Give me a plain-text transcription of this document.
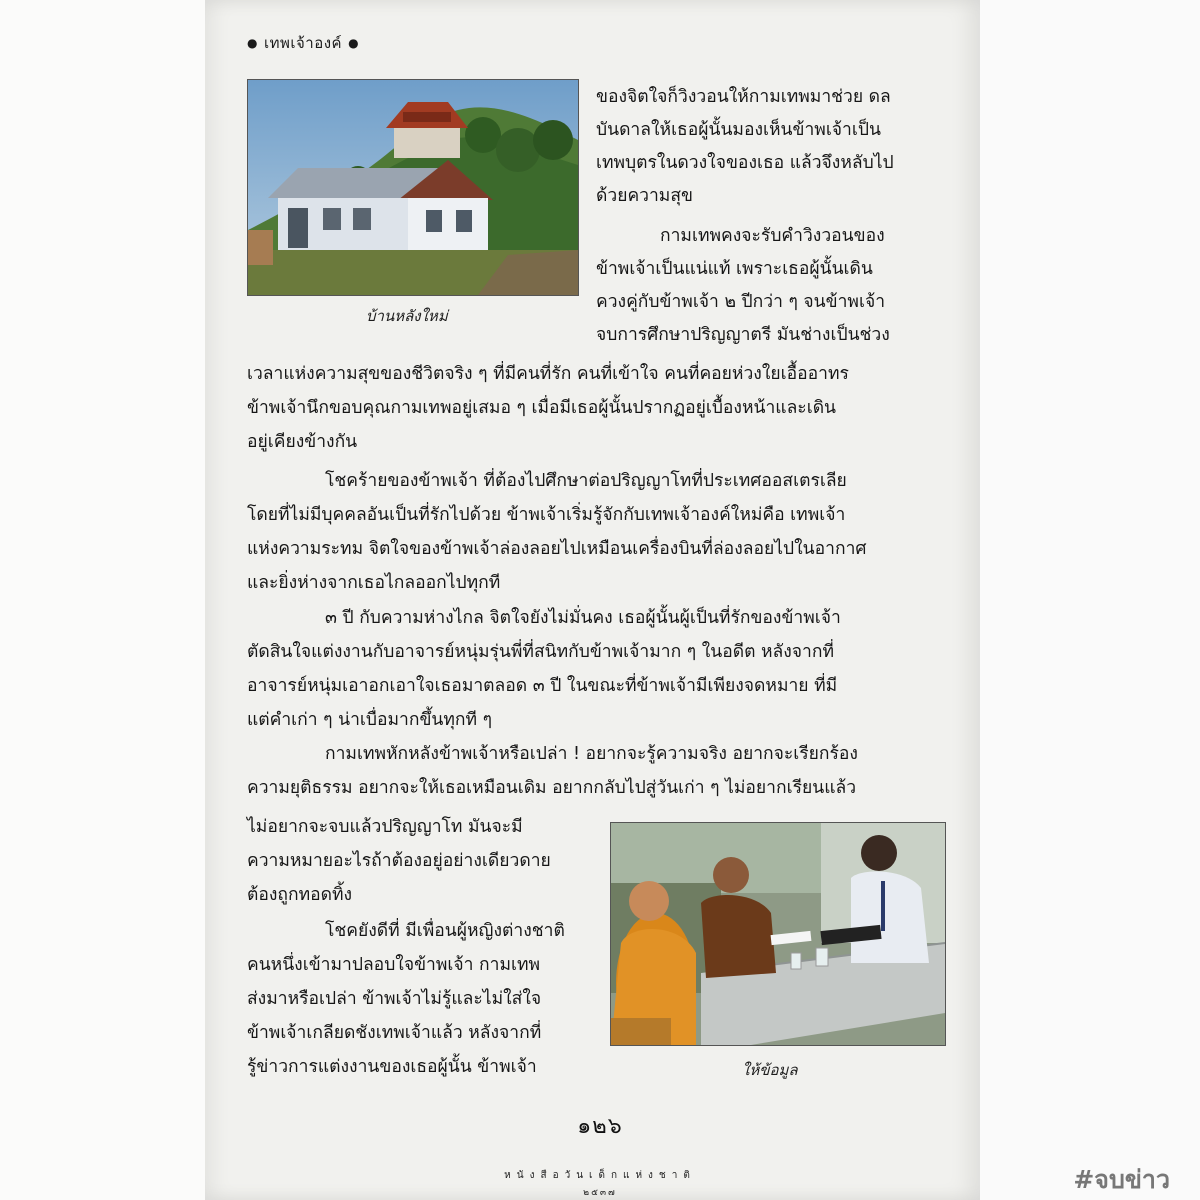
● เทพเจ้าองค์ ●
บ้านหลังใหม่
ของจิตใจก็วิงวอนให้กามเทพมาช่วย ดล
บันดาลให้เธอผู้นั้นมองเห็นข้าพเจ้าเป็น
เทพบุตรในดวงใจของเธอ แล้วจึงหลับไป
ด้วยความสุข
กามเทพคงจะรับคำวิงวอนของ
ข้าพเจ้าเป็นแน่แท้ เพราะเธอผู้นั้นเดิน
ควงคู่กับข้าพเจ้า ๒ ปีกว่า ๆ จนข้าพเจ้า
จบการศึกษาปริญญาตรี มันช่างเป็นช่วง
เวลาแห่งความสุขของชีวิตจริง ๆ ที่มีคนที่รัก คนที่เข้าใจ คนที่คอยห่วงใยเอื้ออาทร
ข้าพเจ้านึกขอบคุณกามเทพอยู่เสมอ ๆ เมื่อมีเธอผู้นั้นปรากฏอยู่เบื้องหน้าและเดิน
อยู่เคียงข้างกัน
โชคร้ายของข้าพเจ้า ที่ต้องไปศึกษาต่อปริญญาโทที่ประเทศออสเตรเลีย
โดยที่ไม่มีบุคคลอันเป็นที่รักไปด้วย ข้าพเจ้าเริ่มรู้จักกับเทพเจ้าองค์ใหม่คือ เทพเจ้า
แห่งความระทม จิตใจของข้าพเจ้าล่องลอยไปเหมือนเครื่องบินที่ล่องลอยไปในอากาศ
และยิ่งห่างจากเธอไกลออกไปทุกที
๓ ปี กับความห่างไกล จิตใจยังไม่มั่นคง เธอผู้นั้นผู้เป็นที่รักของข้าพเจ้า
ตัดสินใจแต่งงานกับอาจารย์หนุ่มรุ่นพี่ที่สนิทกับข้าพเจ้ามาก ๆ ในอดีต หลังจากที่
อาจารย์หนุ่มเอาอกเอาใจเธอมาตลอด ๓ ปี ในขณะที่ข้าพเจ้ามีเพียงจดหมาย ที่มี
แต่คำเก่า ๆ น่าเบื่อมากขึ้นทุกที ๆ
กามเทพหักหลังข้าพเจ้าหรือเปล่า ! อยากจะรู้ความจริง อยากจะเรียกร้อง
ความยุติธรรม อยากจะให้เธอเหมือนเดิม อยากกลับไปสู่วันเก่า ๆ ไม่อยากเรียนแล้ว
ไม่อยากจะจบแล้วปริญญาโท มันจะมี
ความหมายอะไรถ้าต้องอยู่อย่างเดียวดาย
ต้องถูกทอดทิ้ง
โชคยังดีที่ มีเพื่อนผู้หญิงต่างชาติ
คนหนึ่งเข้ามาปลอบใจข้าพเจ้า กามเทพ
ส่งมาหรือเปล่า ข้าพเจ้าไม่รู้และไม่ใส่ใจ
ข้าพเจ้าเกลียดชังเทพเจ้าแล้ว หลังจากที่
รู้ข่าวการแต่งงานของเธอผู้นั้น ข้าพเจ้า	ให้ข้อมูล
๑๒๖
หนังสือวันเด็กแห่งชาติ
๒๕๓๗	#จบข่าว
